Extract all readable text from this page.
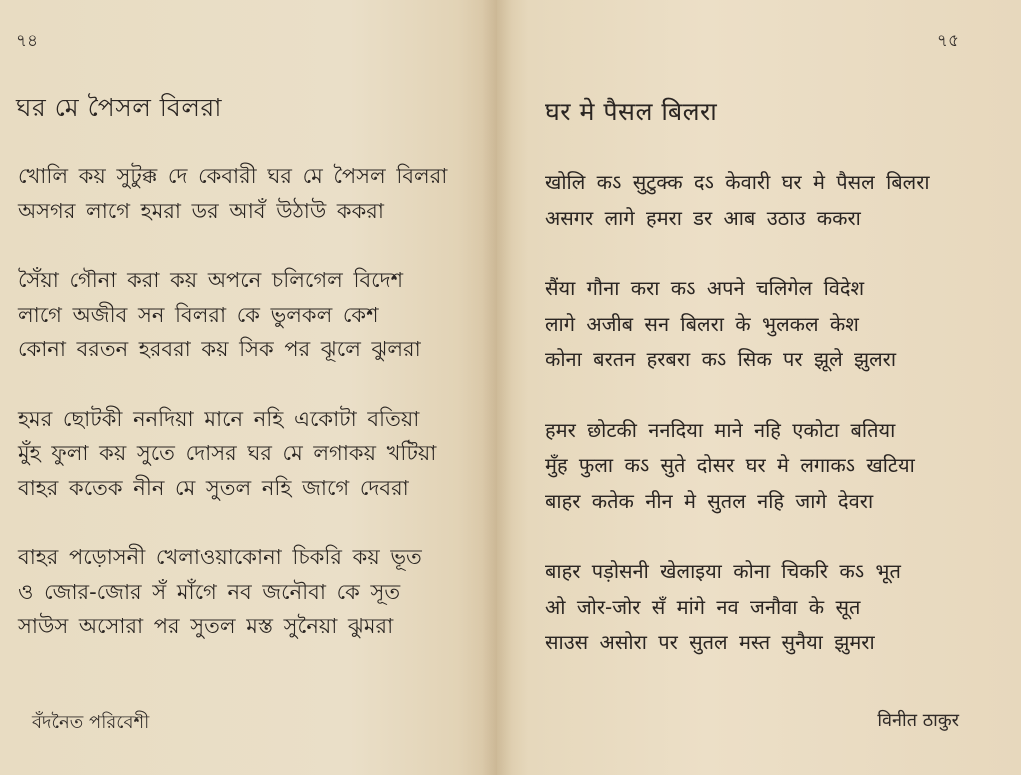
৭৪
ঘর মে পৈসল বিলরা
খোলি কয় সুটুক্ক দে কেবারী ঘর মে পৈসল বিলরা
অসগর লাগে হমরা ডর আবঁ উঠাউ ককরা
সৈঁয়া গৌনা করা কয় অপনে চলিগেল বিদেশ
লাগে অজীব সন বিলরা কে ভুলকল কেশ
কোনা বরতন হরবরা কয় সিক পর ঝূলে ঝুলরা
হমর ছোটকী ননদিয়া মানে নহি একোটা বতিয়া
মুঁহ ফুলা কয় সুতে দোসর ঘর মে লগাকয় খটিয়া
বাহর কতেক নীন মে সুতল নহি জাগে দেবরা
বাহর পড়োসনী খেলাওয়াকোনা চিকরি কয় ভূত
ও জোর-জোর সঁ মাঁগে নব জনৌবা কে সূত
সাউস অসোরা পর সুতল মস্ত সুনৈয়া ঝুমরা
বঁদনৈত পরিবেশী
৭৫
घर मे पैसल बिलरा
खोलि कऽ सुटुक्क दऽ केवारी घर मे पैसल बिलरा
असगर लागे हमरा डर आब उठाउ ककरा
सैंया गौना करा कऽ अपने चलिगेल विदेश
लागे अजीब सन बिलरा के भुलकल केश
कोना बरतन हरबरा कऽ सिक पर झूले झुलरा
हमर छोटकी ननदिया माने नहि एकोटा बतिया
मुँह फुला कऽ सुते दोसर घर मे लगाकऽ खटिया
बाहर कतेक नीन मे सुतल नहि जागे देवरा
बाहर पड़ोसनी खेलाइया कोना चिकरि कऽ भूत
ओ जोर-जोर सँ मांगे नव जनौवा के सूत
साउस असोरा पर सुतल मस्त सुनैया झुमरा
विनीत ठाकुर
